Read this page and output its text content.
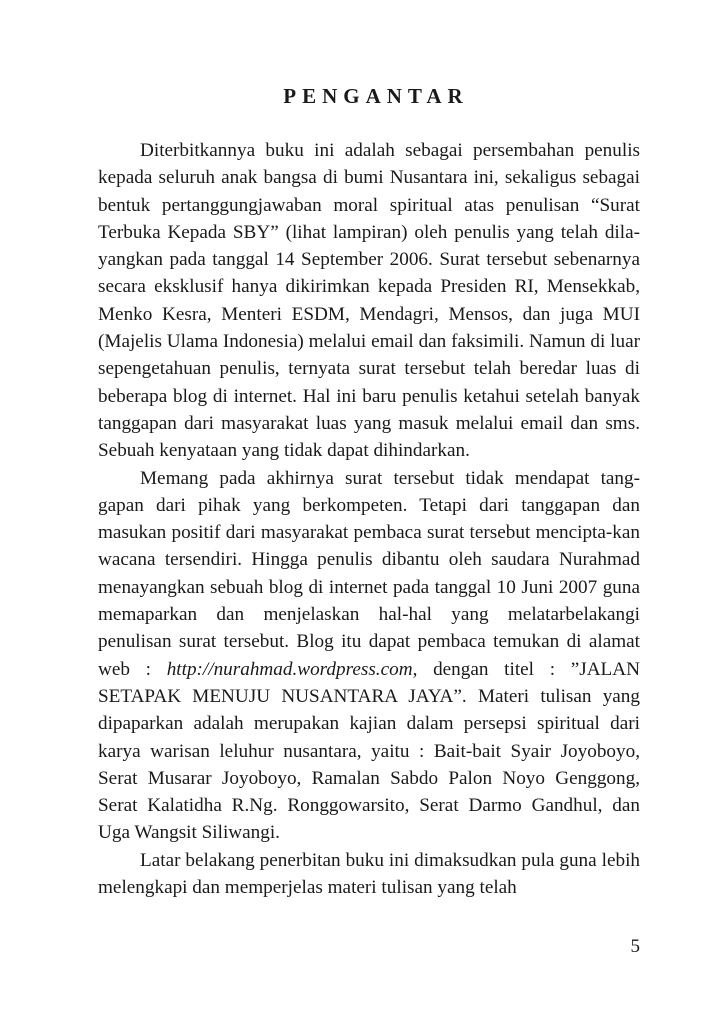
PENGANTAR

Diterbitkannya buku ini adalah sebagai persembahan penulis kepada seluruh anak bangsa di bumi Nusantara ini, sekaligus sebagai bentuk pertanggungjawaban moral spiritual atas penulisan “Surat Terbuka Kepada SBY” (lihat lampiran) oleh penulis yang telah dila-yangkan pada tanggal 14 September 2006. Surat tersebut sebenarnya secara eksklusif hanya dikirimkan kepada Presiden RI, Mensekkab, Menko Kesra, Menteri ESDM, Mendagri, Mensos, dan juga MUI (Majelis Ulama Indonesia) melalui email dan faksimili. Namun di luar sepengetahuan penulis, ternyata surat tersebut telah beredar luas di beberapa blog di internet. Hal ini baru penulis ketahui setelah banyak tanggapan dari masyarakat luas yang masuk melalui email dan sms. Sebuah kenyataan yang tidak dapat dihindarkan.

Memang pada akhirnya surat tersebut tidak mendapat tang-gapan dari pihak yang berkompeten. Tetapi dari tanggapan dan masukan positif dari masyarakat pembaca surat tersebut mencipta-kan wacana tersendiri. Hingga penulis dibantu oleh saudara Nurahmad menayangkan sebuah blog di internet pada tanggal 10 Juni 2007 guna memaparkan dan menjelaskan hal-hal yang melatarbelakangi penulisan surat tersebut. Blog itu dapat pembaca temukan di alamat web : http://nurahmad.wordpress.com, dengan titel : ”JALAN SETAPAK MENUJU NUSANTARA JAYA”. Materi tulisan yang dipaparkan adalah merupakan kajian dalam persepsi spiritual dari karya warisan leluhur nusantara, yaitu : Bait-bait Syair Joyoboyo, Serat Musarar Joyoboyo, Ramalan Sabdo Palon Noyo Genggong, Serat Kalatidha R.Ng. Ronggowarsito, Serat Darmo Gandhul, dan Uga Wangsit Siliwangi.

Latar belakang penerbitan buku ini dimaksudkan pula guna lebih melengkapi dan memperjelas materi tulisan yang telah

5
